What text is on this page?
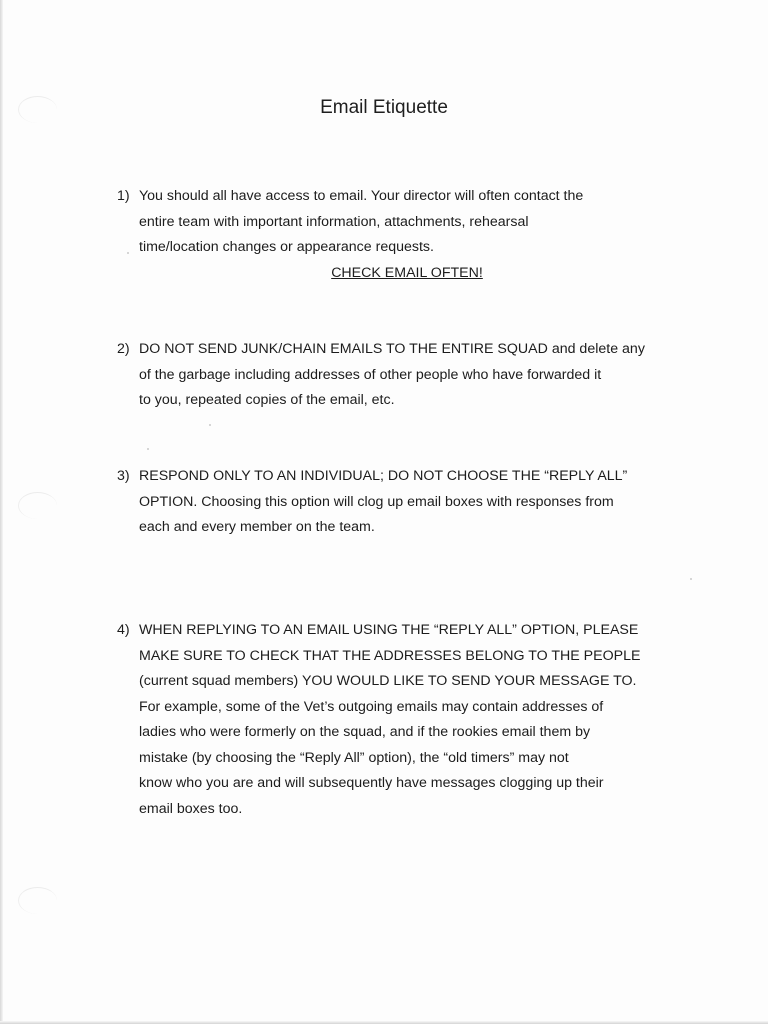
Email Etiquette
1) You should all have access to email. Your director will often contact the
entire team with important information, attachments, rehearsal
time/location changes or appearance requests.
CHECK EMAIL OFTEN!
2) DO NOT SEND JUNK/CHAIN EMAILS TO THE ENTIRE SQUAD and delete any
of the garbage including addresses of other people who have forwarded it
to you, repeated copies of the email, etc.
3) RESPOND ONLY TO AN INDIVIDUAL; DO NOT CHOOSE THE “REPLY ALL”
OPTION. Choosing this option will clog up email boxes with responses from
each and every member on the team.
4) WHEN REPLYING TO AN EMAIL USING THE “REPLY ALL” OPTION, PLEASE
MAKE SURE TO CHECK THAT THE ADDRESSES BELONG TO THE PEOPLE
(current squad members) YOU WOULD LIKE TO SEND YOUR MESSAGE TO.
For example, some of the Vet’s outgoing emails may contain addresses of
ladies who were formerly on the squad, and if the rookies email them by
mistake (by choosing the “Reply All” option), the “old timers” may not
know who you are and will subsequently have messages clogging up their
email boxes too.
